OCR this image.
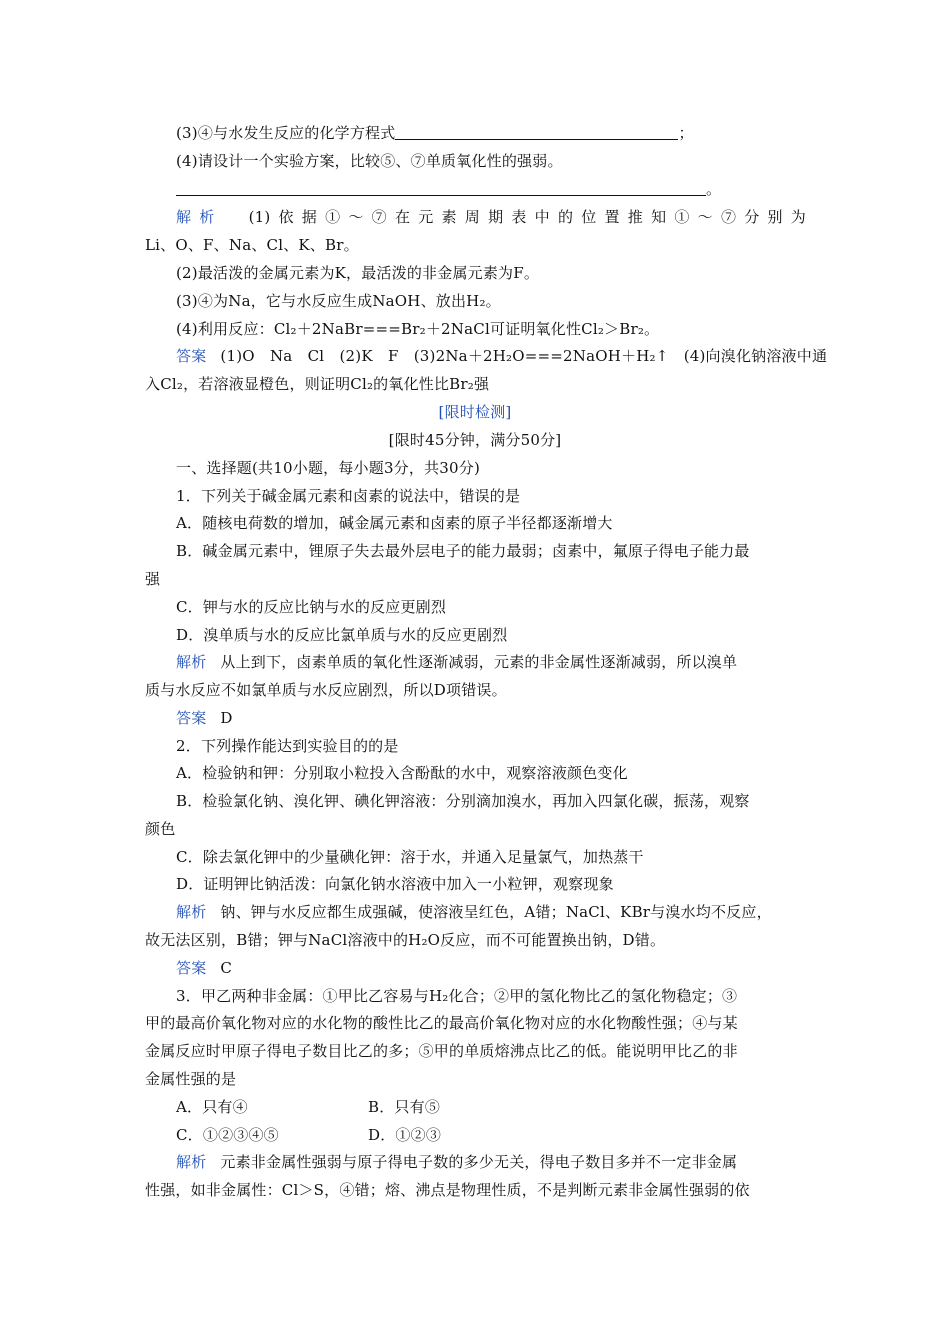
(3)④与水发生反应的化学方程式	；
(4)请设计一个实验方案，比较⑤、⑦单质氧化性的强弱。
。
解析 (1)依据①～⑦在元素周期表中的位置推知①～⑦分别为
Li、O、F、Na、Cl、K、Br。
(2)最活泼的金属元素为K，最活泼的非金属元素为F。
(3)④为Na，它与水反应生成NaOH、放出H₂。
(4)利用反应：Cl₂＋2NaBr===Br₂＋2NaCl可证明氧化性Cl₂＞Br₂。
答案 (1)O　Na　Cl　(2)K　F　(3)2Na＋2H₂O===2NaOH＋H₂↑　(4)向溴化钠溶液中通
入Cl₂，若溶液显橙色，则证明Cl₂的氧化性比Br₂强
[限时检测]
[限时45分钟，满分50分]
一、选择题(共10小题，每小题3分，共30分)
1．下列关于碱金属元素和卤素的说法中，错误的是
A．随核电荷数的增加，碱金属元素和卤素的原子半径都逐渐增大
B．碱金属元素中，锂原子失去最外层电子的能力最弱；卤素中，氟原子得电子能力最
强
C．钾与水的反应比钠与水的反应更剧烈
D．溴单质与水的反应比氯单质与水的反应更剧烈
解析 从上到下，卤素单质的氧化性逐渐减弱，元素的非金属性逐渐减弱，所以溴单
质与水反应不如氯单质与水反应剧烈，所以D项错误。
答案 D
2．下列操作能达到实验目的的是
A．检验钠和钾：分别取小粒投入含酚酞的水中，观察溶液颜色变化
B．检验氯化钠、溴化钾、碘化钾溶液：分别滴加溴水，再加入四氯化碳，振荡，观察
颜色
C．除去氯化钾中的少量碘化钾：溶于水，并通入足量氯气，加热蒸干
D．证明钾比钠活泼：向氯化钠水溶液中加入一小粒钾，观察现象
解析 钠、钾与水反应都生成强碱，使溶液呈红色，A错；NaCl、KBr与溴水均不反应，
故无法区别，B错；钾与NaCl溶液中的H₂O反应，而不可能置换出钠，D错。
答案 C
3．甲乙两种非金属：①甲比乙容易与H₂化合；②甲的氢化物比乙的氢化物稳定；③
甲的最高价氧化物对应的水化物的酸性比乙的最高价氧化物对应的水化物酸性强；④与某
金属反应时甲原子得电子数目比乙的多；⑤甲的单质熔沸点比乙的低。能说明甲比乙的非
金属性强的是
A．只有④	B．只有⑤
C．①②③④⑤	D．①②③
解析 元素非金属性强弱与原子得电子数的多少无关，得电子数目多并不一定非金属
性强，如非金属性：Cl＞S，④错；熔、沸点是物理性质，不是判断元素非金属性强弱的依
